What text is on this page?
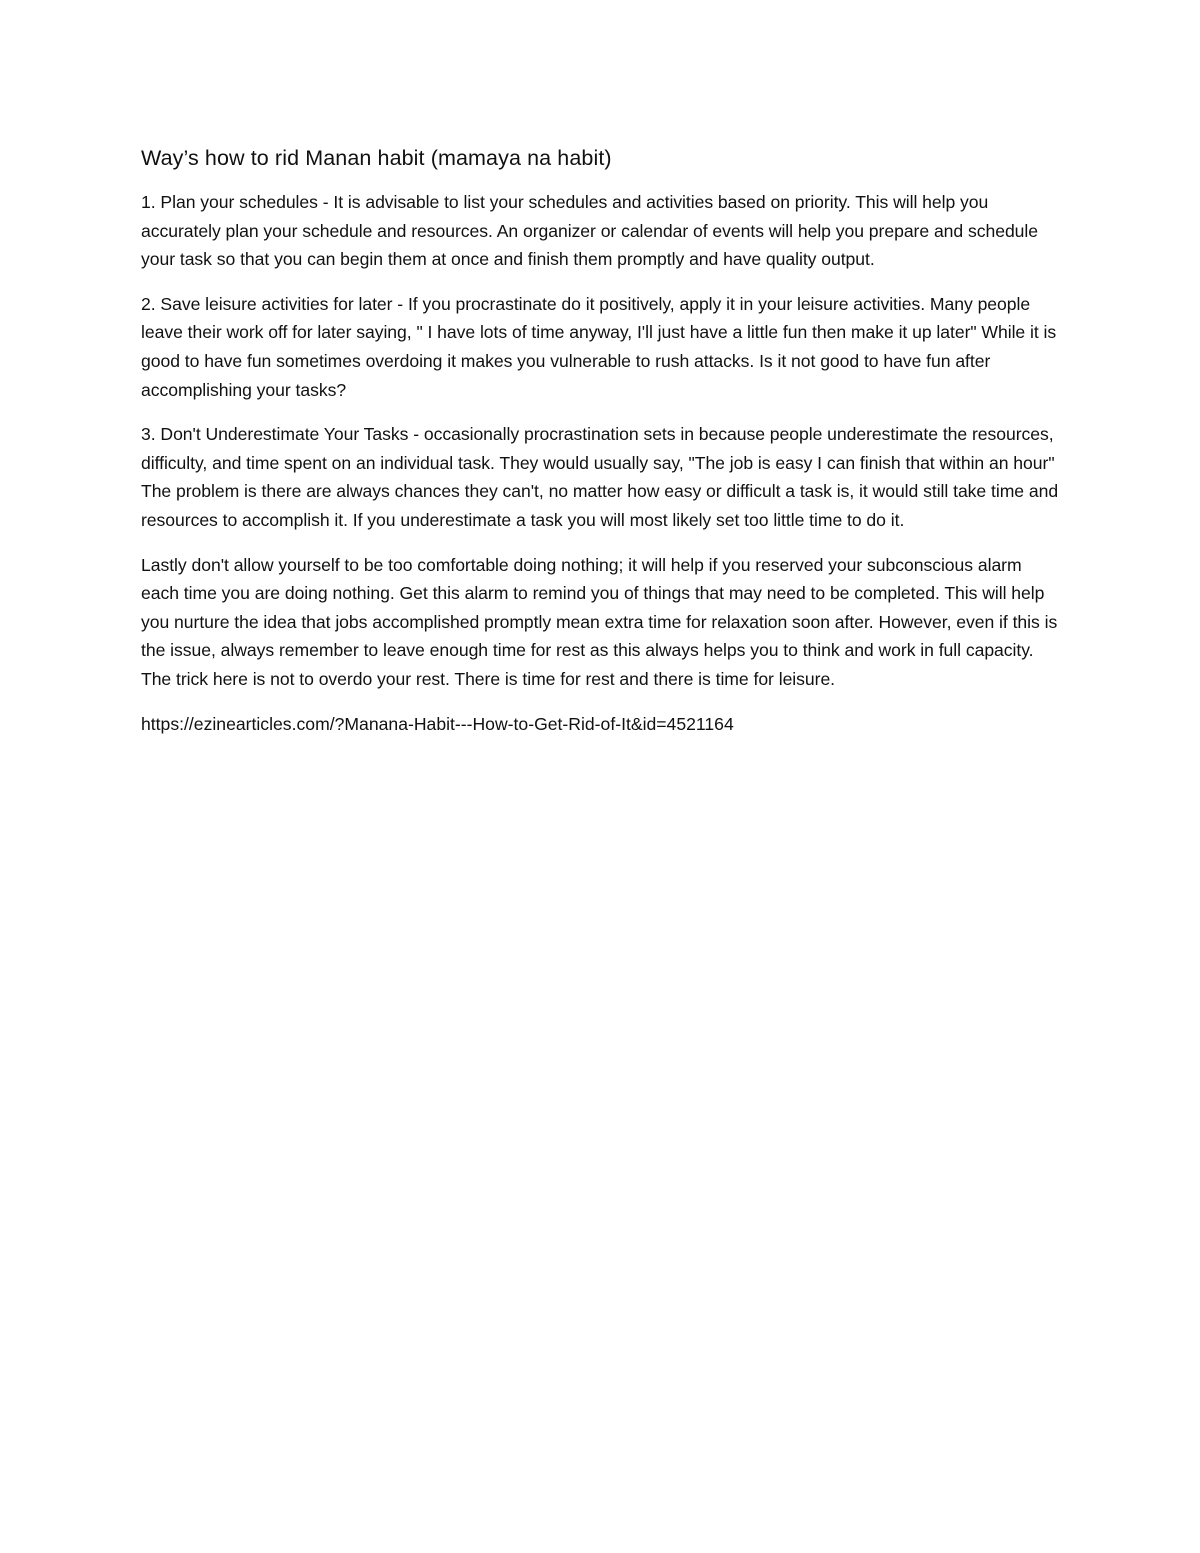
Way’s how to rid Manan habit (mamaya na habit)

1. Plan your schedules - It is advisable to list your schedules and activities based on priority. This will help you accurately plan your schedule and resources. An organizer or calendar of events will help you prepare and schedule your task so that you can begin them at once and finish them promptly and have quality output.

2. Save leisure activities for later - If you procrastinate do it positively, apply it in your leisure activities. Many people leave their work off for later saying, " I have lots of time anyway, I'll just have a little fun then make it up later" While it is good to have fun sometimes overdoing it makes you vulnerable to rush attacks. Is it not good to have fun after accomplishing your tasks?

3. Don't Underestimate Your Tasks - occasionally procrastination sets in because people underestimate the resources, difficulty, and time spent on an individual task. They would usually say, "The job is easy I can finish that within an hour" The problem is there are always chances they can't, no matter how easy or difficult a task is, it would still take time and resources to accomplish it. If you underestimate a task you will most likely set too little time to do it.

Lastly don't allow yourself to be too comfortable doing nothing; it will help if you reserved your subconscious alarm each time you are doing nothing. Get this alarm to remind you of things that may need to be completed. This will help you nurture the idea that jobs accomplished promptly mean extra time for relaxation soon after. However, even if this is the issue, always remember to leave enough time for rest as this always helps you to think and work in full capacity. The trick here is not to overdo your rest. There is time for rest and there is time for leisure.

https://ezinearticles.com/?Manana-Habit---How-to-Get-Rid-of-It&id=4521164
